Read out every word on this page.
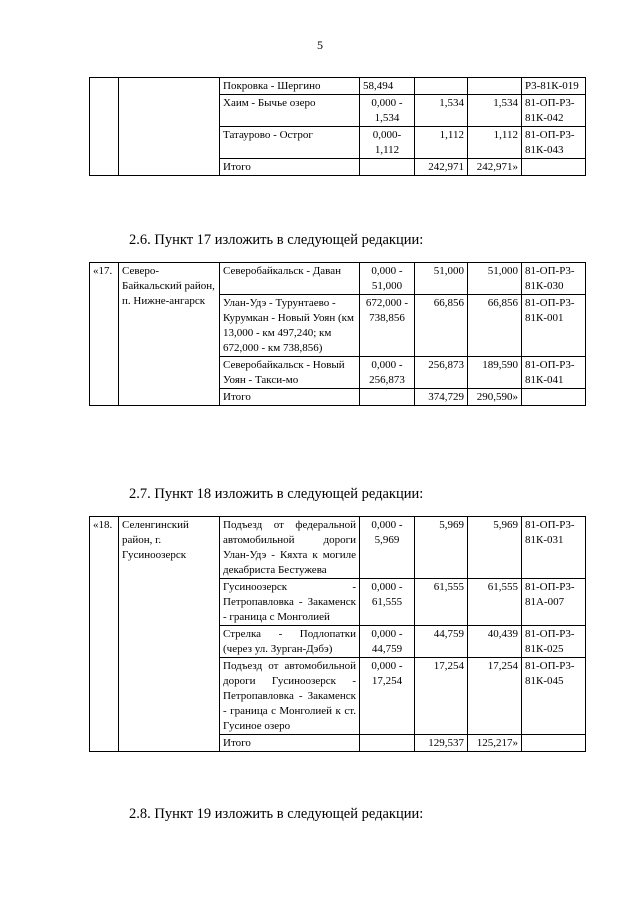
5
		Покровка - Шергино	58,494			Р3-81К-019
		Хаим - Бычье озеро	0,000 - 1,534	1,534	1,534	81-ОП-Р3-81К-042
		Татаурово - Острог	0,000-1,112	1,112	1,112	81-ОП-Р3-81К-043
		Итого		242,971	242,971»	
2.6. Пункт 17 изложить в следующей редакции:
«17.	Северо-Байкальский район, п. Нижне-ангарск	Северобайкальск - Даван	0,000 - 51,000	51,000	51,000	81-ОП-Р3-81К-030
		Улан-Удэ - Турунтаево - Курумкан - Новый Уоян (км 13,000 - км 497,240; км 672,000 - км 738,856)	672,000 - 738,856	66,856	66,856	81-ОП-Р3-81К-001
		Северобайкальск - Новый Уоян - Такси-мо	0,000 - 256,873	256,873	189,590	81-ОП-Р3-81К-041
		Итого		374,729	290,590»	
2.7. Пункт 18 изложить в следующей редакции:
«18.	Селенгинский район, г. Гусиноозерск	Подъезд от федеральной автомобильной дороги Улан-Удэ - Кяхта к могиле декабриста Бестужева	0,000 - 5,969	5,969	5,969	81-ОП-Р3-81К-031
		Гусиноозерск - Петропавловка - Закаменск - граница с Монголией	0,000 - 61,555	61,555	61,555	81-ОП-Р3-81А-007
		Стрелка - Подлопатки (через ул. Зурган-Дэбэ)	0,000 - 44,759	44,759	40,439	81-ОП-Р3-81К-025
		Подъезд от автомобильной дороги Гусиноозерск - Петропавловка - Закаменск - граница с Монголией к ст. Гусиное озеро	0,000 - 17,254	17,254	17,254	81-ОП-Р3-81К-045
		Итого		129,537	125,217»	
2.8. Пункт 19 изложить в следующей редакции:
